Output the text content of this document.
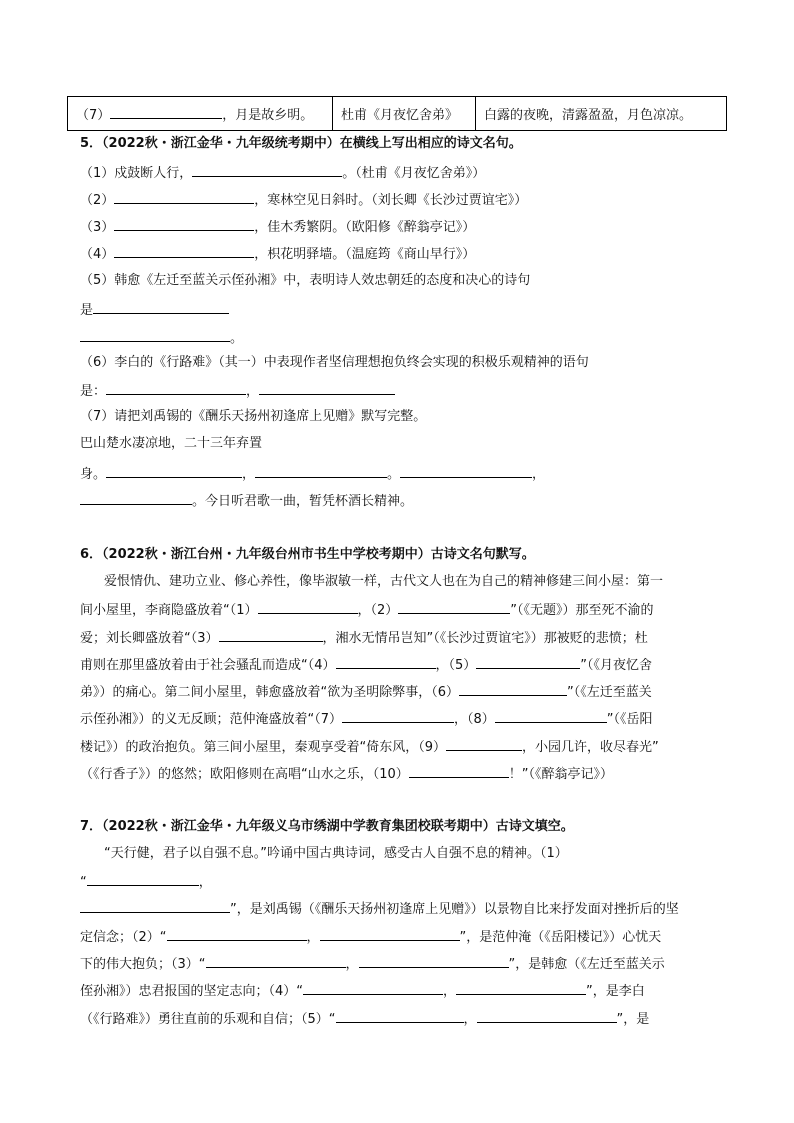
（7）	，月是故乡明。	杜甫《月夜忆舍弟》	白露的夜晚，清露盈盈，月色凉凉。
5．（2022秋・浙江金华・九年级统考期中）在横线上写出相应的诗文名句。
（1）戍鼓断人行，	。（杜甫《月夜忆舍弟》）
（2）	，寒林空见日斜时。（刘长卿《长沙过贾谊宅》）
（3）	，佳木秀繁阴。（欧阳修《醉翁亭记》）
（4）	，枳花明驿墙。（温庭筠《商山早行》）
（5）韩愈《左迁至蓝关示侄孙湘》中，表明诗人效忠朝廷的态度和决心的诗句
是
。
（6）李白的《行路难》（其一）中表现作者坚信理想抱负终会实现的积极乐观精神的语句
是：	，
（7）请把刘禹锡的《酬乐天扬州初逢席上见赠》默写完整。
巴山楚水凄凉地，二十三年弃置
身。	，	。	，
。今日听君歌一曲，暂凭杯酒长精神。
6．（2022秋・浙江台州・九年级台州市书生中学校考期中）古诗文名句默写。
爱恨情仇、建功立业、修心养性，像毕淑敏一样，古代文人也在为自己的精神修建三间小屋：第一
间小屋里，李商隐盛放着“（1）	，（2）	”（《无题》）那至死不渝的
爱；刘长卿盛放着“（3）	，湘水无情吊岂知”（《长沙过贾谊宅》）那被贬的悲愤；杜
甫则在那里盛放着由于社会骚乱而造成“（4）	，（5）	”（《月夜忆舍
弟》）的痛心。第二间小屋里，韩愈盛放着“欲为圣明除弊事，（6）	”（《左迁至蓝关
示侄孙湘》）的义无反顾；范仲淹盛放着“（7）	，（8）	”（《岳阳
楼记》）的政治抱负。第三间小屋里，秦观享受着“倚东风，（9）	，小园几许，收尽春光”
（《行香子》）的悠然；欧阳修则在高唱“山水之乐，（10）	！”（《醉翁亭记》）
7．（2022秋・浙江金华・九年级义乌市绣湖中学教育集团校联考期中）古诗文填空。
“天行健，君子以自强不息。”吟诵中国古典诗词，感受古人自强不息的精神。（1）
“	，
”，是刘禹锡（《酬乐天扬州初逢席上见赠》）以景物自比来抒发面对挫折后的坚
定信念；（2）“	，	”，是范仲淹（《岳阳楼记》）心忧天
下的伟大抱负；（3）“	，	”，是韩愈（《左迁至蓝关示
侄孙湘》）忠君报国的坚定志向；（4）“	，	”，是李白
（《行路难》）勇往直前的乐观和自信；（5）“	，	”，是
